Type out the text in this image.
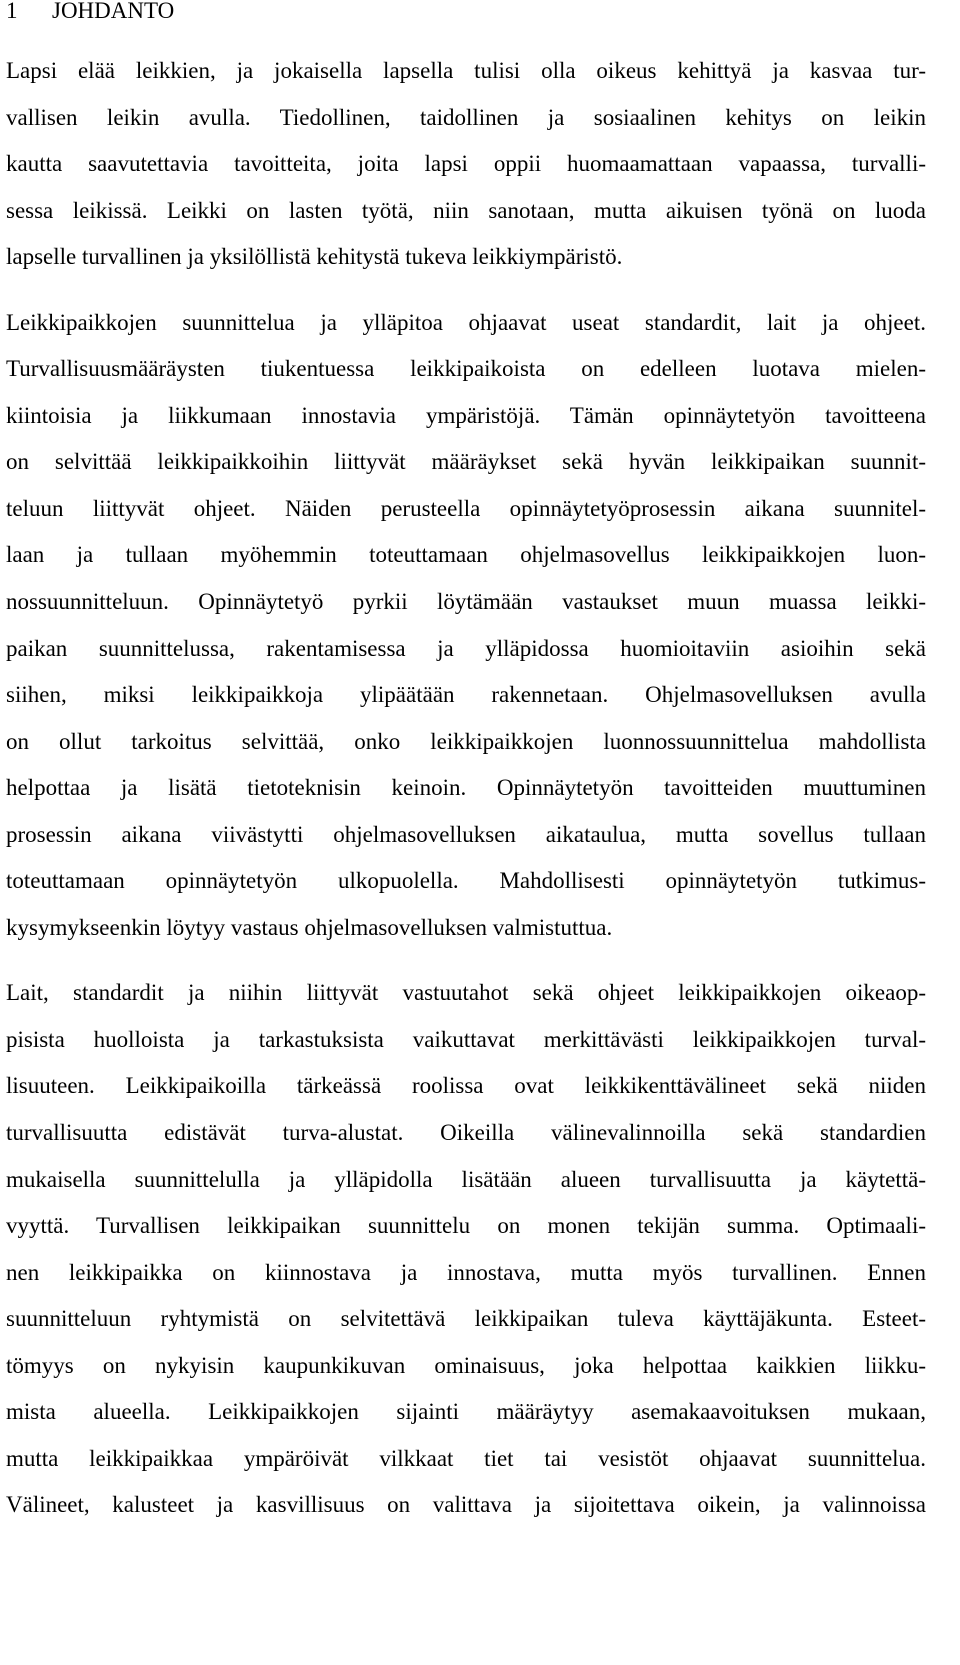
1 JOHDANTO
Lapsi elää leikkien, ja jokaisella lapsella tulisi olla oikeus kehittyä ja kasvaa tur-
vallisen leikin avulla. Tiedollinen, taidollinen ja sosiaalinen kehitys on leikin
kautta saavutettavia tavoitteita, joita lapsi oppii huomaamattaan vapaassa, turvalli-
sessa leikissä. Leikki on lasten työtä, niin sanotaan, mutta aikuisen työnä on luoda
lapselle turvallinen ja yksilöllistä kehitystä tukeva leikkiympäristö.
Leikkipaikkojen suunnittelua ja ylläpitoa ohjaavat useat standardit, lait ja ohjeet.
Turvallisuusmääräysten tiukentuessa leikkipaikoista on edelleen luotava mielen-
kiintoisia ja liikkumaan innostavia ympäristöjä. Tämän opinnäytetyön tavoitteena
on selvittää leikkipaikkoihin liittyvät määräykset sekä hyvän leikkipaikan suunnit-
teluun liittyvät ohjeet. Näiden perusteella opinnäytetyöprosessin aikana suunnitel-
laan ja tullaan myöhemmin toteuttamaan ohjelmasovellus leikkipaikkojen luon-
nossuunnitteluun. Opinnäytetyö pyrkii löytämään vastaukset muun muassa leikki-
paikan suunnittelussa, rakentamisessa ja ylläpidossa huomioitaviin asioihin sekä
siihen, miksi leikkipaikkoja ylipäätään rakennetaan. Ohjelmasovelluksen avulla
on ollut tarkoitus selvittää, onko leikkipaikkojen luonnossuunnittelua mahdollista
helpottaa ja lisätä tietoteknisin keinoin. Opinnäytetyön tavoitteiden muuttuminen
prosessin aikana viivästytti ohjelmasovelluksen aikataulua, mutta sovellus tullaan
toteuttamaan opinnäytetyön ulkopuolella. Mahdollisesti opinnäytetyön tutkimus-
kysymykseenkin löytyy vastaus ohjelmasovelluksen valmistuttua.
Lait, standardit ja niihin liittyvät vastuutahot sekä ohjeet leikkipaikkojen oikeaop-
pisista huolloista ja tarkastuksista vaikuttavat merkittävästi leikkipaikkojen turval-
lisuuteen. Leikkipaikoilla tärkeässä roolissa ovat leikkikenttävälineet sekä niiden
turvallisuutta edistävät turva-alustat. Oikeilla välinevalinnoilla sekä standardien
mukaisella suunnittelulla ja ylläpidolla lisätään alueen turvallisuutta ja käytettä-
vyyttä. Turvallisen leikkipaikan suunnittelu on monen tekijän summa. Optimaali-
nen leikkipaikka on kiinnostava ja innostava, mutta myös turvallinen. Ennen
suunnitteluun ryhtymistä on selvitettävä leikkipaikan tuleva käyttäjäkunta. Esteet-
tömyys on nykyisin kaupunkikuvan ominaisuus, joka helpottaa kaikkien liikku-
mista alueella. Leikkipaikkojen sijainti määräytyy asemakaavoituksen mukaan,
mutta leikkipaikkaa ympäröivät vilkkaat tiet tai vesistöt ohjaavat suunnittelua.
Välineet, kalusteet ja kasvillisuus on valittava ja sijoitettava oikein, ja valinnoissa
